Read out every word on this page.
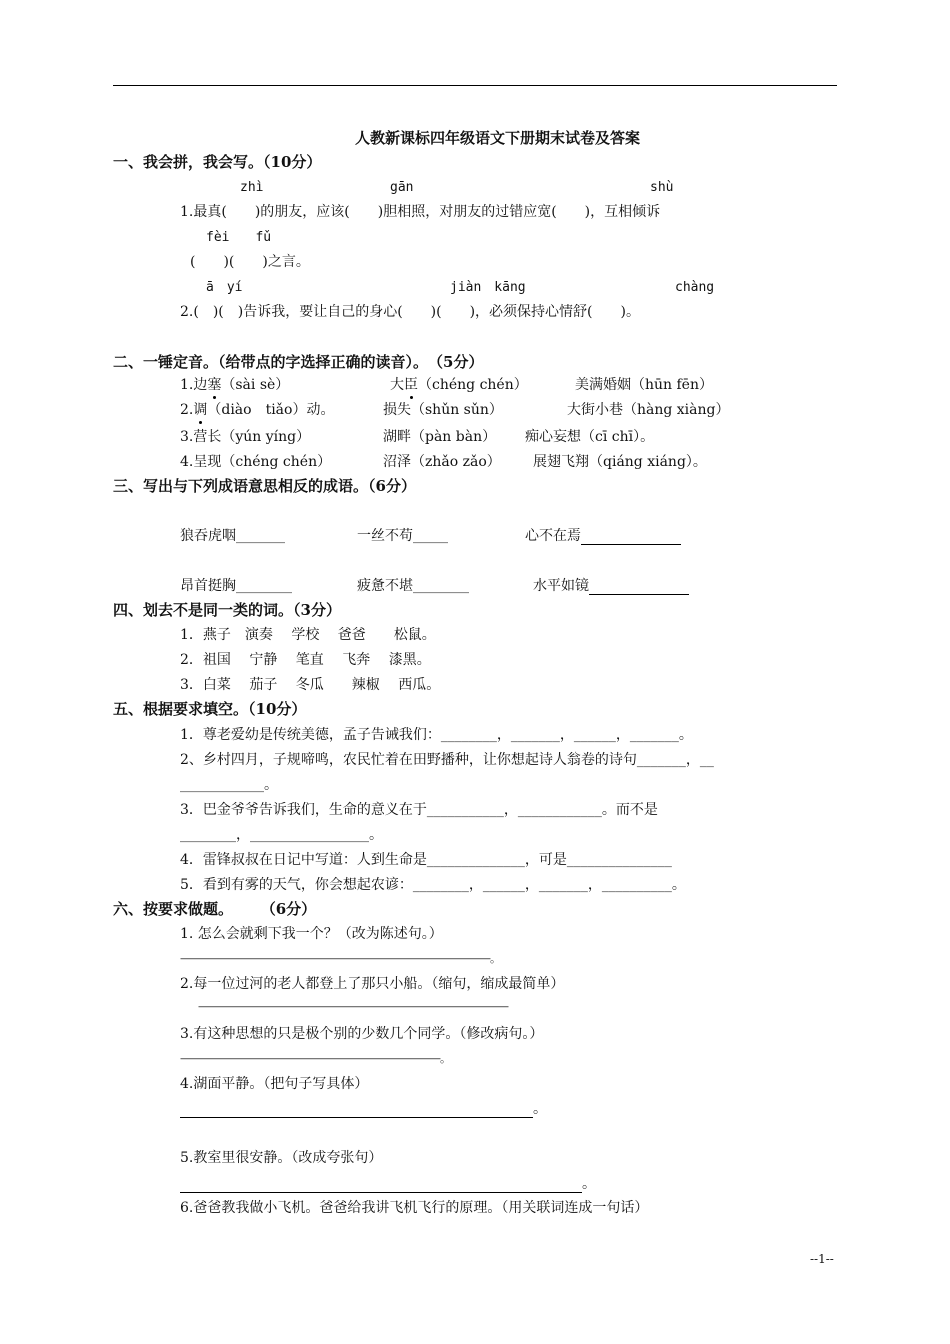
人教新课标四年级语文下册期末试卷及答案
一、我会拼，我会写。（10分）
zhì	gān	shù
1.最真(　　)的朋友，应该(　　)胆相照，对朋友的过错应宽(　　)，互相倾诉
fèi　　fǔ
(　　)(　　)之言。
ā　yí	jiàn　kāng	chàng
2.(　)(　)告诉我，要让自己的身心(　　)(　　)，必须保持心情舒(　　)。
二、一锤定音。（给带点的字选择正确的读音）。　（5分）
1.边塞（sài sè）	大臣（chéng chén）	美满婚姻（hūn fēn）
2.调（diào　tiǎo）动。	损失（shǔn sǔn）	大街小巷（hàng xiàng）
3.营长（yún yíng）	湖畔（pàn bàn） 痴心妄想（cī chī）。
4.呈现（chéng chén）	沼泽（zhǎo zǎo） 展翅飞翔（qiáng xiáng）。
三、写出与下列成语意思相反的成语。（6分）
狼吞虎咽_______	一丝不苟_____	心不在焉
昂首挺胸________	疲惫不堪________	水平如镜
四、划去不是同一类的词。（3分）
1．燕子　演奏　 学校　 爸爸　　松鼠。
2．祖国　 宁静　 笔直　 飞奔　 漆黑。
3．白菜　 茄子　 冬瓜　　辣椒　 西瓜。
五、根据要求填空。（10分）
1．尊老爱幼是传统美德，孟子告诫我们：________，_______，______，_______。
2、乡村四月，子规啼鸣，农民忙着在田野播种，让你想起诗人翁卷的诗句_______，__
____________。
3．巴金爷爷告诉我们，生命的意义在于___________，____________。而不是
________，_________________。
4．雷锋叔叔在日记中写道：人到生命是______________，可是_______________
5．看到有雾的天气，你会想起农谚：________，______，_______，__________。
六、按要求做题。　　 （6分）
1. 怎么会就剩下我一个？（改为陈述句。）
———————————————————————————————。
2.每一位过河的老人都登上了那只小船。（缩句，缩成最简单）
———————————————————————————————
3.有这种思想的只是极个别的少数几个同学。（修改病句。）
——————————————————————————。
4.湖面平静。（把句子写具体）
。
5.教室里很安静。（改成夸张句）
。
6.爸爸教我做小飞机。爸爸给我讲飞机飞行的原理。（用关联词连成一句话）
--1--
